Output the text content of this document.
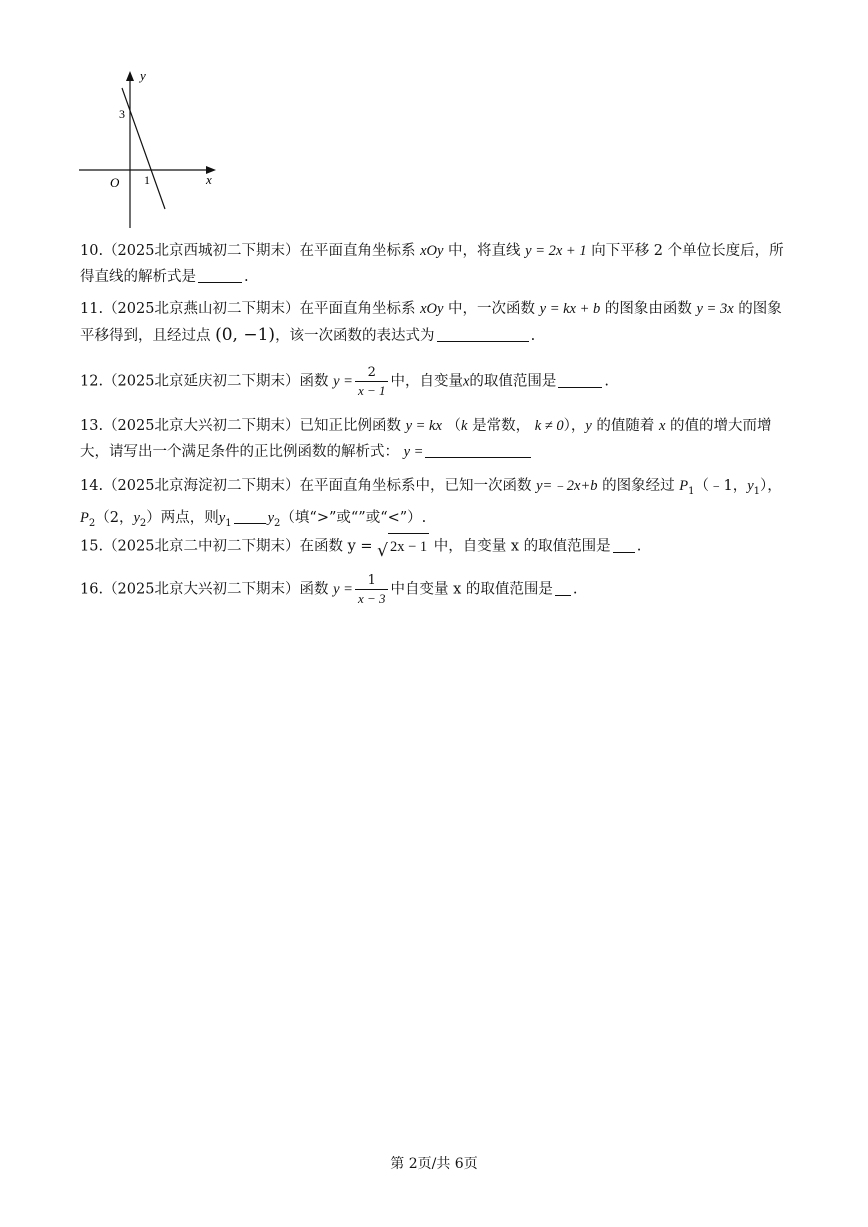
y
x
O
3
1
10.（2025北京西城初二下期末）在平面直角坐标系 xOy 中，将直线 y = 2x + 1 向下平移 2 个单位长度后，所
得直线的解析式是	.
11.（2025北京燕山初二下期末）在平面直角坐标系 xOy 中，一次函数 y = kx + b 的图象由函数 y = 3x 的图象
平移得到，且经过点 (0, −1)，该一次函数的表达式为	.
12.（2025北京延庆初二下期末）函数 $y = \frac{2}{x - 1}$ 中，自变量x的取值范围是	.
13.（2025北京大兴初二下期末）已知正比例函数 y = kx （k 是常数， k ≠ 0），y 的值随着 x 的值的增大而增
大，请写出一个满足条件的正比例函数的解析式： y =
14.（2025北京海淀初二下期末）在平面直角坐标系中，已知一次函数 y=﹣2x+b 的图象经过 $P_1(﹣1$，$y_1$），
$P_2(2$，$y_2$）两点，则$y_1$ $y_2$（填“>”或“”或“<”）.
15.（2025北京二中初二下期末）在函数 y = √ 2x − 1 中，自变量 x 的取值范围是 .
16.（2025北京大兴初二下期末）函数 $y = \frac{1}{x - 3}$ 中自变量 x 的取值范围是 .
第 2页/共 6页
